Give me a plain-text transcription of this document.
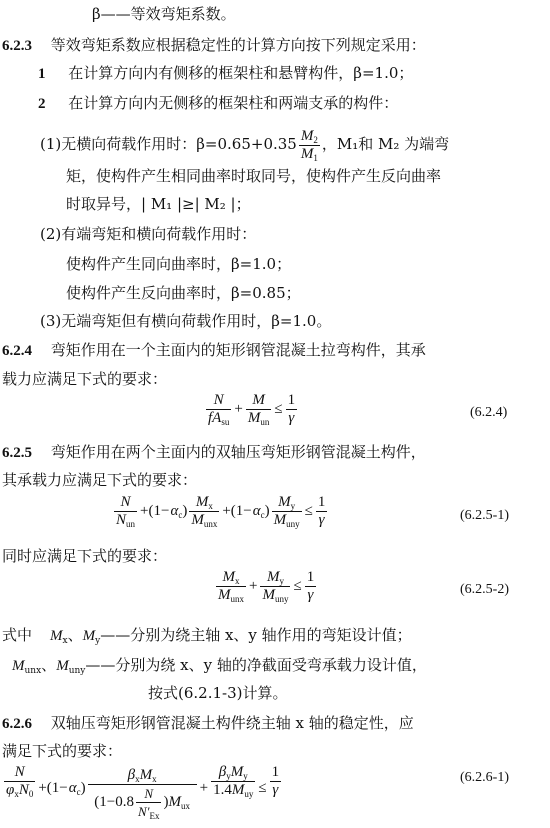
β——等效弯矩系数。
6.2.3 等效弯矩系数应根据稳定性的计算方向按下列规定采用：
1 在计算方向内有侧移的框架柱和悬臂构件，β=1.0；
2 在计算方向内无侧移的框架柱和两端支承的构件：
(1)无横向荷载作用时：$\beta=0.65+0.35 \frac{M_2}{M_1}$ ，M₁和 M₂ 为端弯
矩，使构件产生相同曲率时取同号，使构件产生反向曲率
时取异号，| M₁ |≥| M₂ |；
(2)有端弯矩和横向荷载作用时：
使构件产生同向曲率时，β=1.0；
使构件产生反向曲率时，β=0.85；
(3)无端弯矩但有横向荷载作用时，β=1.0。
6.2.4 弯矩作用在一个主面内的矩形钢管混凝土拉弯构件，其承
载力应满足下式的要求：
$\frac{N}{fA_{su}} + \frac{M}{M_{un}} \le \frac{1}{\gamma}$	(6.2.4)
6.2.5 弯矩作用在两个主面内的双轴压弯矩形钢管混凝土构件，
其承载力应满足下式的要求：
$\frac{N}{N_{un}} +(1-\alpha_c) \frac{M_x}{M_{unx}} +(1-\alpha_c) \frac{M_y}{M_{uny}} \le \frac{1}{\gamma}$	(6.2.5-1)
同时应满足下式的要求：
$\frac{M_x}{M_{unx}} + \frac{M_y}{M_{uny}} \le \frac{1}{\gamma}$	(6.2.5-2)
式中 $M_x$、$M_y——$分别为绕主轴 x、y 轴作用的弯矩设计值；
$M_{unx}$、$M_{uny}——$分别为绕 x、y 轴的净截面受弯承载力设计值，
按式(6.2.1-3)计算。
6.2.6 双轴压弯矩形钢管混凝土构件绕主轴 x 轴的稳定性，应
满足下式的要求：
$\frac{N}{\varphi_xN_0} +(1-\alpha_c) \frac{\beta_xM_x}{(1-0.8 \frac{N}{N'_{Ex}} )M_{ux}} + \frac{\beta_yM_y}{1.4M_{uy}} \le \frac{1}{\gamma}$	(6.2.6-1)
